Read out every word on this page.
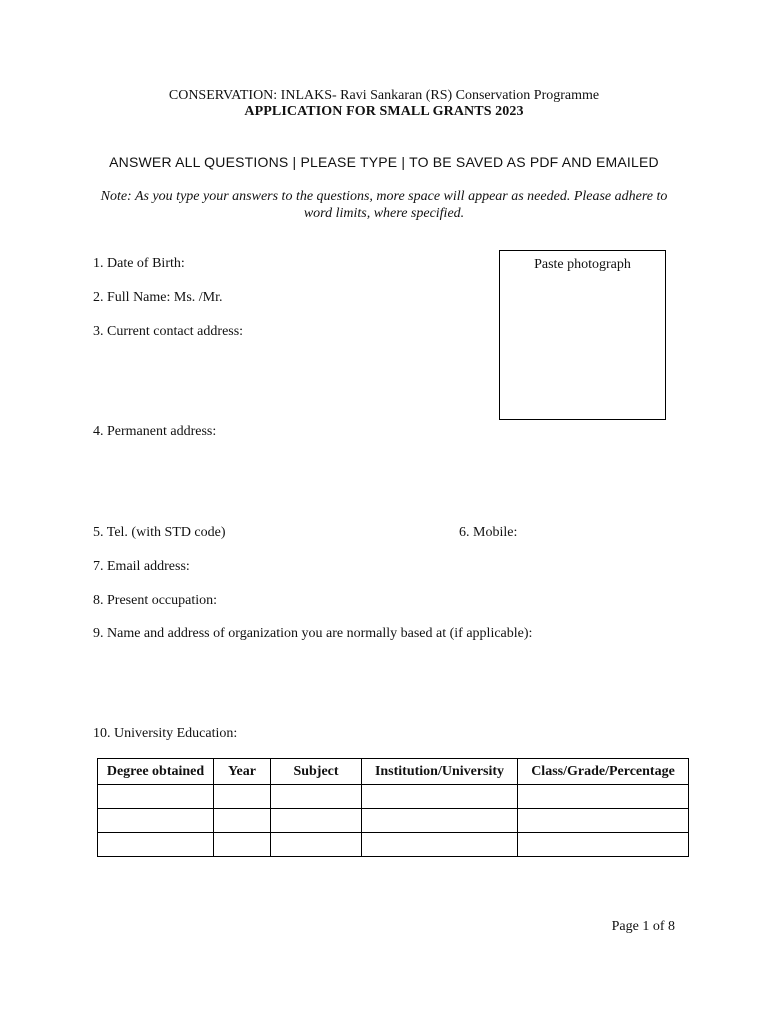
CONSERVATION: INLAKS- Ravi Sankaran (RS) Conservation Programme
APPLICATION FOR SMALL GRANTS 2023
ANSWER ALL QUESTIONS | PLEASE TYPE | TO BE SAVED AS PDF AND EMAILED
Note: As you type your answers to the questions, more space will appear as needed. Please adhere to word limits, where specified.
Paste photograph
1. Date of Birth:
2. Full Name: Ms. /Mr.
3. Current contact address:
4. Permanent address:
5. Tel. (with STD code)	6. Mobile:
7. Email address:
8. Present occupation:
9. Name and address of organization you are normally based at (if applicable):
10. University Education:
Degree obtained	Year	Subject	Institution/University	Class/Grade/Percentage

Page 1 of 8
